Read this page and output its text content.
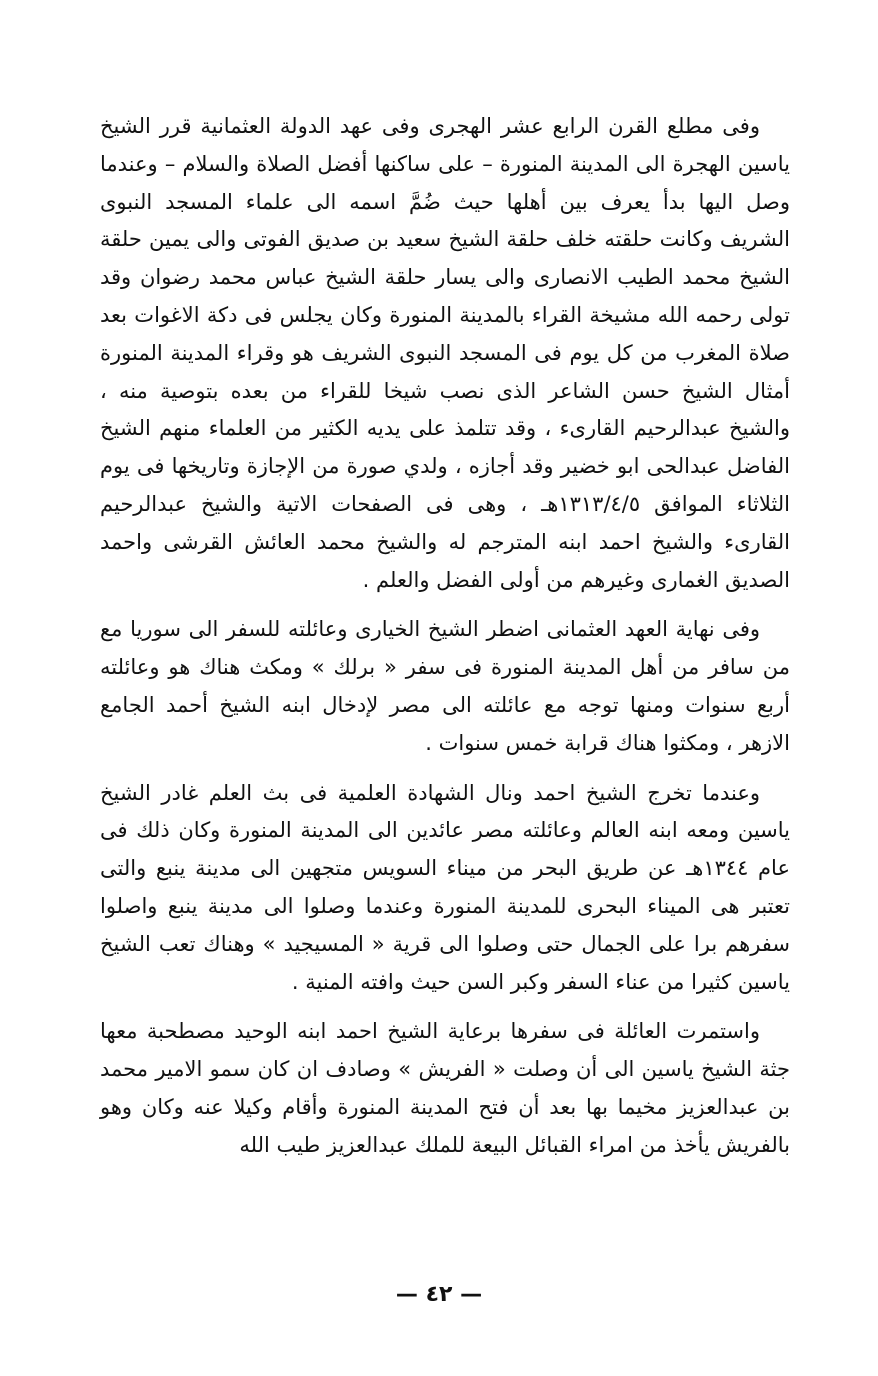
وفى مطلع القرن الرابع عشر الهجرى وفى عهد الدولة العثمانية قرر الشيخ ياسين الهجرة الى المدينة المنورة – على ساكنها أفضل الصلاة والسلام – وعندما وصل اليها بدأ يعرف بين أهلها حيث ضُمَّ اسمه الى علماء المسجد النبوى الشريف وكانت حلقته خلف حلقة الشيخ سعيد بن صديق الفوتى والى يمين حلقة الشيخ محمد الطيب الانصارى والى يسار حلقة الشيخ عباس محمد رضوان وقد تولى رحمه الله مشيخة القراء بالمدينة المنورة وكان يجلس فى دكة الاغوات بعد صلاة المغرب من كل يوم فى المسجد النبوى الشريف هو وقراء المدينة المنورة أمثال الشيخ حسن الشاعر الذى نصب شيخا للقراء من بعده بتوصية منه ، والشيخ عبدالرحيم القارىء ، وقد تتلمذ على يديه الكثير من العلماء منهم الشيخ الفاضل عبدالحى ابو خضير وقد أجازه ، ولدي صورة من الإجازة وتاريخها فى يوم الثلاثاء الموافق ١٣١٣/٤/٥هـ ، وهى فى الصفحات الاتية والشيخ عبدالرحيم القارىء والشيخ احمد ابنه المترجم له والشيخ محمد العائش القرشى واحمد الصديق الغمارى وغيرهم من أولى الفضل والعلم .

وفى نهاية العهد العثمانى اضطر الشيخ الخيارى وعائلته للسفر الى سوريا مع من سافر من أهل المدينة المنورة فى سفر « برلك » ومكث هناك هو وعائلته أربع سنوات ومنها توجه مع عائلته الى مصر لإدخال ابنه الشيخ أحمد الجامع الازهر ، ومكثوا هناك قرابة خمس سنوات .

وعندما تخرج الشيخ احمد ونال الشهادة العلمية فى بث العلم غادر الشيخ ياسين ومعه ابنه العالم وعائلته مصر عائدين الى المدينة المنورة وكان ذلك فى عام ١٣٤٤هـ عن طريق البحر من ميناء السويس متجهين الى مدينة ينبع والتى تعتبر هى الميناء البحرى للمدينة المنورة وعندما وصلوا الى مدينة ينبع واصلوا سفرهم برا على الجمال حتى وصلوا الى قرية « المسيجيد » وهناك تعب الشيخ ياسين كثيرا من عناء السفر وكبر السن حيث وافته المنية .

واستمرت العائلة فى سفرها برعاية الشيخ احمد ابنه الوحيد مصطحبة معها جثة الشيخ ياسين الى أن وصلت « الفريش » وصادف ان كان سمو الامير محمد بن عبدالعزيز مخيما بها بعد أن فتح المدينة المنورة وأقام وكيلا عنه وكان وهو بالفريش يأخذ من امراء القبائل البيعة للملك عبدالعزيز طيب الله

— ٤٢ —
